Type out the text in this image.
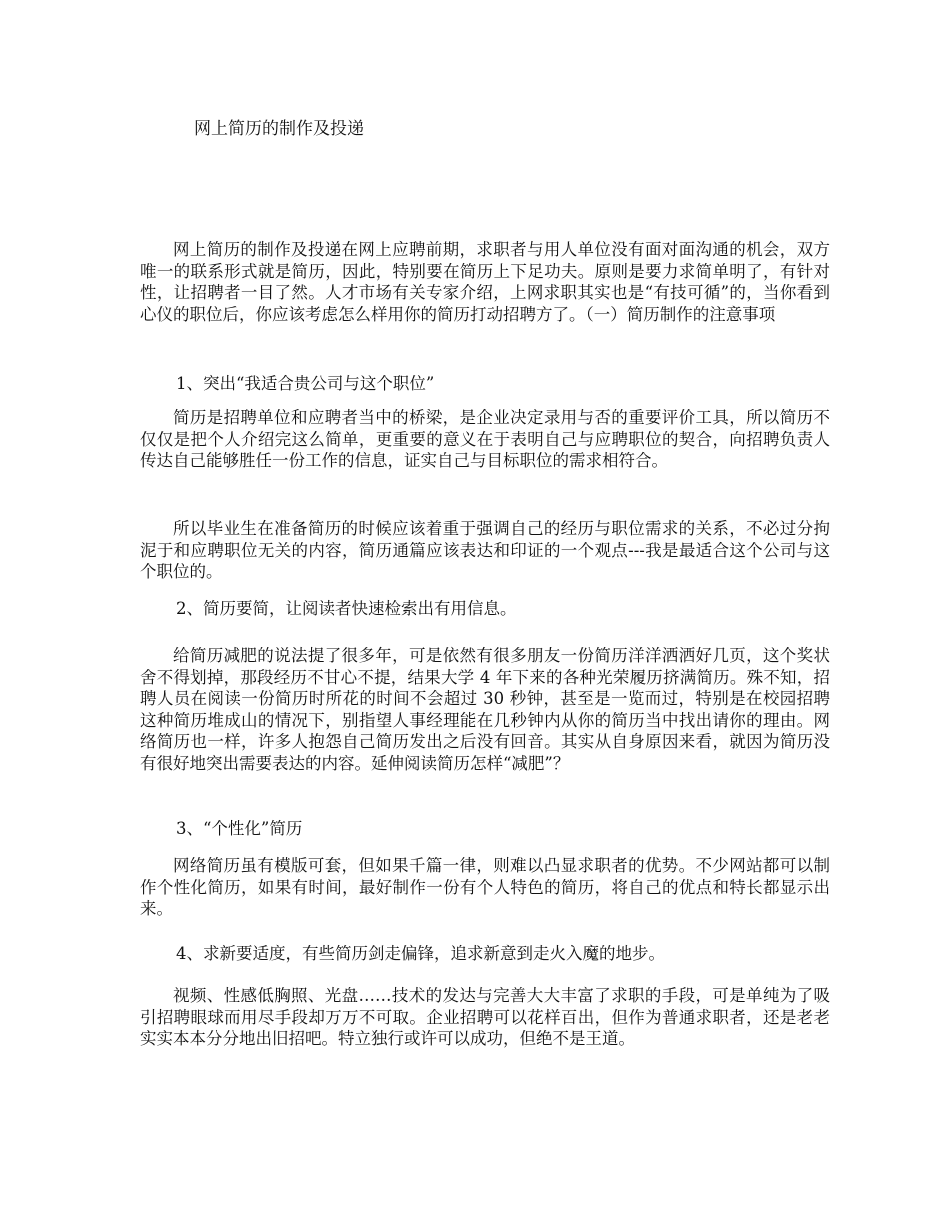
网上简历的制作及投递

网上简历的制作及投递在网上应聘前期，求职者与用人单位没有面对面沟通的机会，双方唯一的联系形式就是简历，因此，特别要在简历上下足功夫。原则是要力求简单明了，有针对性，让招聘者一目了然。人才市场有关专家介绍，上网求职其实也是“有技可循”的，当你看到心仪的职位后，你应该考虑怎么样用你的简历打动招聘方了。（一）简历制作的注意事项

1、突出“我适合贵公司与这个职位”

简历是招聘单位和应聘者当中的桥梁，是企业决定录用与否的重要评价工具，所以简历不仅仅是把个人介绍完这么简单，更重要的意义在于表明自己与应聘职位的契合，向招聘负责人传达自己能够胜任一份工作的信息，证实自己与目标职位的需求相符合。

所以毕业生在准备简历的时候应该着重于强调自己的经历与职位需求的关系，不必过分拘泥于和应聘职位无关的内容，简历通篇应该表达和印证的一个观点---我是最适合这个公司与这个职位的。

2、简历要简，让阅读者快速检索出有用信息。

给简历减肥的说法提了很多年，可是依然有很多朋友一份简历洋洋洒洒好几页，这个奖状舍不得划掉，那段经历不甘心不提，结果大学 4 年下来的各种光荣履历挤满简历。殊不知，招聘人员在阅读一份简历时所花的时间不会超过 30 秒钟，甚至是一览而过，特别是在校园招聘这种简历堆成山的情况下，别指望人事经理能在几秒钟内从你的简历当中找出请你的理由。网络简历也一样，许多人抱怨自己简历发出之后没有回音。其实从自身原因来看，就因为简历没有很好地突出需要表达的内容。延伸阅读简历怎样“减肥”？

3、“个性化”简历

网络简历虽有模版可套，但如果千篇一律，则难以凸显求职者的优势。不少网站都可以制作个性化简历，如果有时间，最好制作一份有个人特色的简历，将自己的优点和特长都显示出来。

4、求新要适度，有些简历剑走偏锋，追求新意到走火入魔的地步。

视频、性感低胸照、光盘……技术的发达与完善大大丰富了求职的手段，可是单纯为了吸引招聘眼球而用尽手段却万万不可取。企业招聘可以花样百出，但作为普通求职者，还是老老实实本本分分地出旧招吧。特立独行或许可以成功，但绝不是王道。
